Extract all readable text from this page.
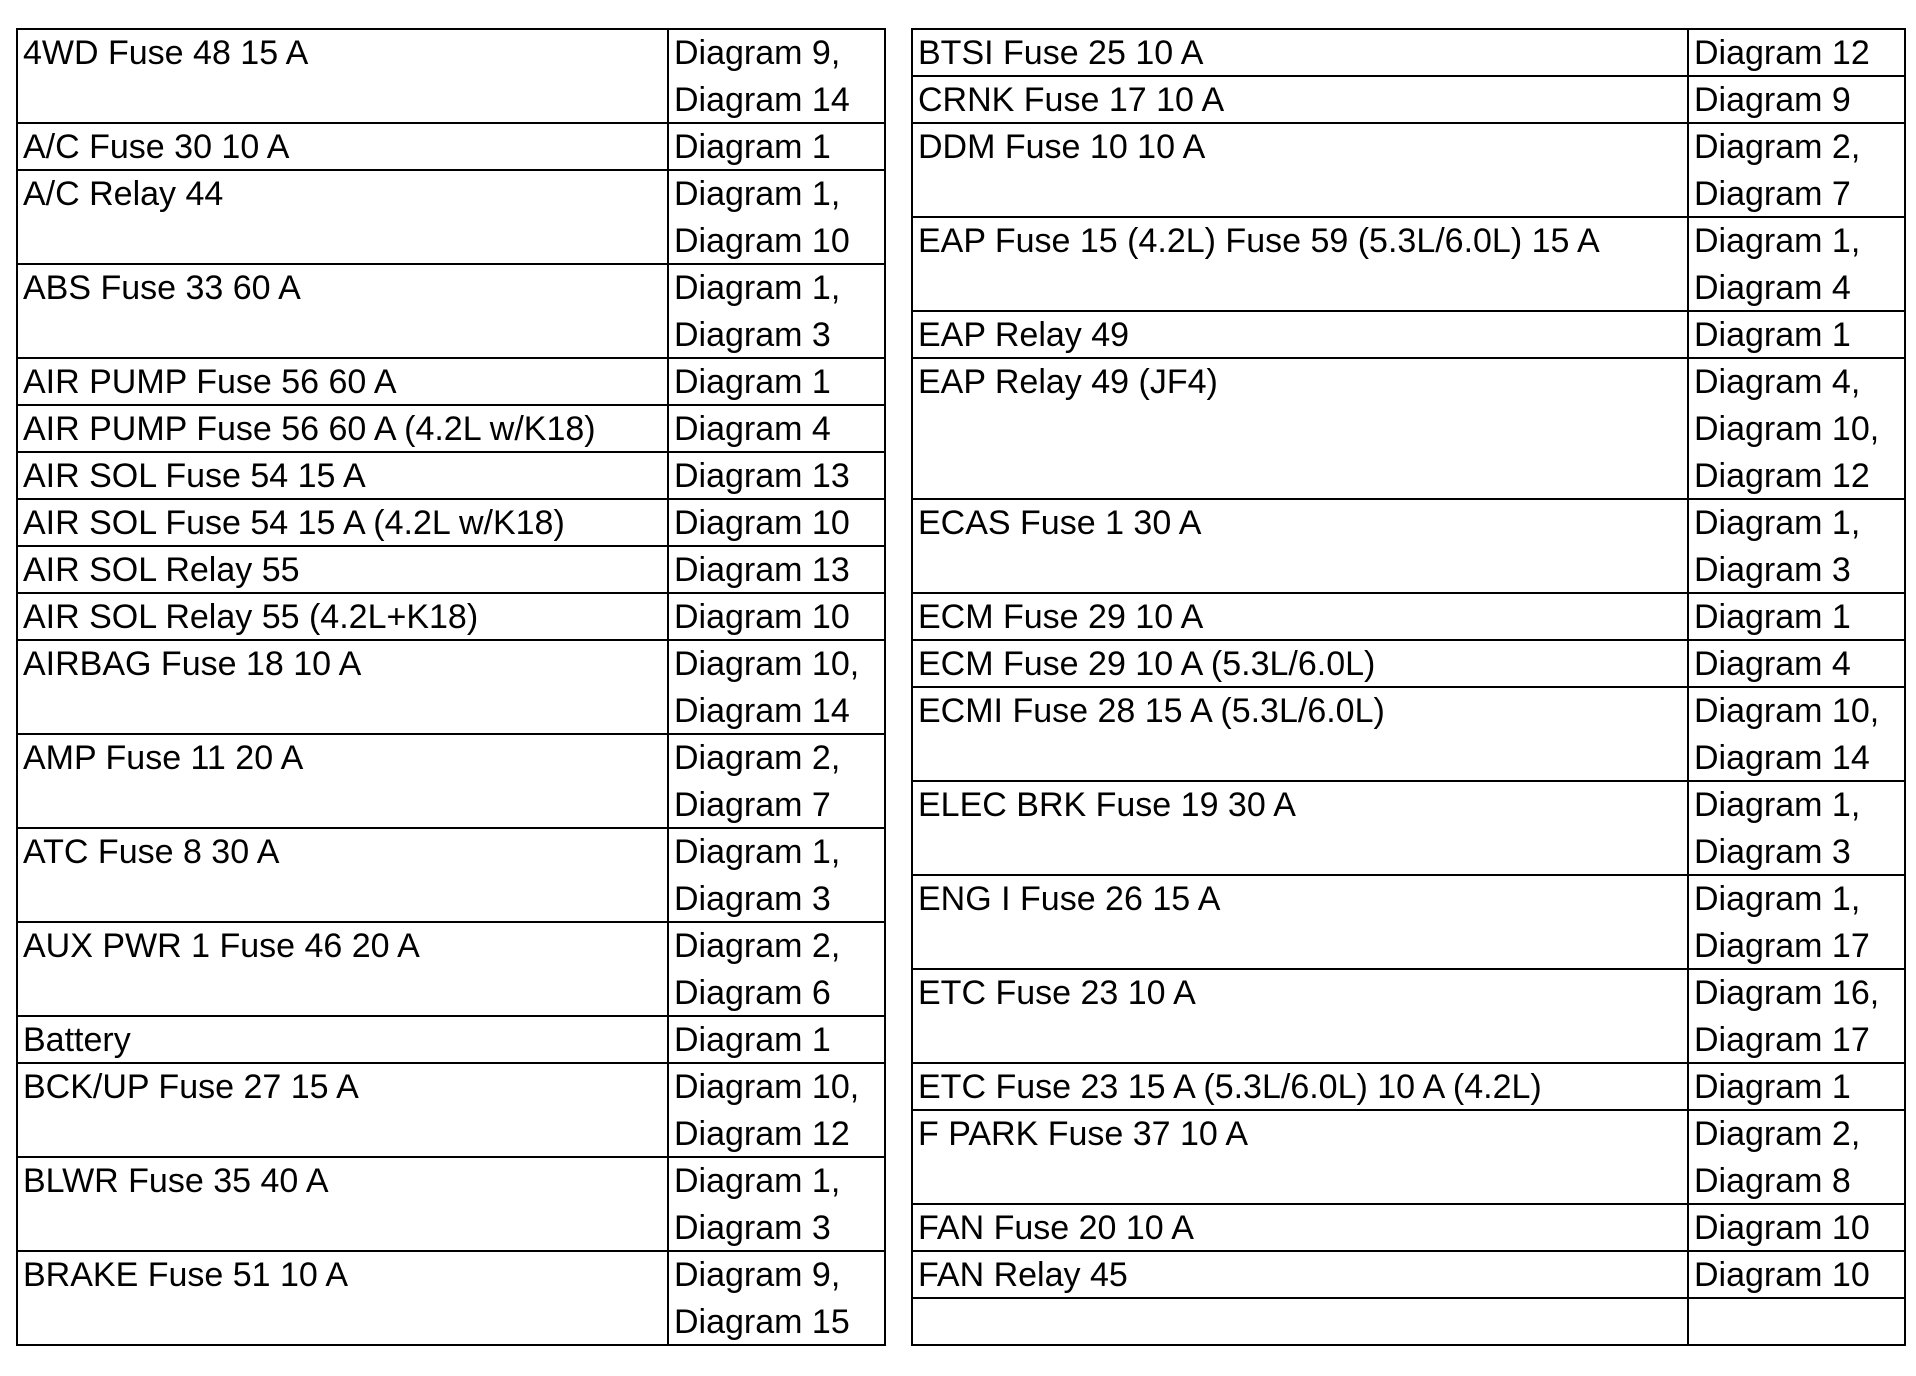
4WD Fuse 48 15 A	Diagram 9,
Diagram 14
A/C Fuse 30 10 A	Diagram 1
A/C Relay 44	Diagram 1,
Diagram 10
ABS Fuse 33 60 A	Diagram 1,
Diagram 3
AIR PUMP Fuse 56 60 A	Diagram 1
AIR PUMP Fuse 56 60 A (4.2L w/K18) Diagram 4
AIR SOL Fuse 54 15 A	Diagram 13
AIR SOL Fuse 54 15 A (4.2L w/K18)	Diagram 10
AIR SOL Relay 55	Diagram 13
AIR SOL Relay 55 (4.2L+K18)	Diagram 10
AIRBAG Fuse 18 10 A	Diagram 10,
Diagram 14
AMP Fuse 11 20 A	Diagram 2,
Diagram 7
ATC Fuse 8 30 A	Diagram 1,
Diagram 3
AUX PWR 1 Fuse 46 20 A	Diagram 2,
Diagram 6
Battery	Diagram 1
BCK/UP Fuse 27 15 A	Diagram 10,
Diagram 12
BLWR Fuse 35 40 A	Diagram 1,
Diagram 3
BRAKE Fuse 51 10 A	Diagram 9,
Diagram 15
BTSI Fuse 25 10 A	Diagram 12
CRNK Fuse 17 10 A	Diagram 9
DDM Fuse 10 10 A	Diagram 2,
Diagram 7
EAP Fuse 15 (4.2L) Fuse 59 (5.3L/6.0L) 15 A	Diagram 1,
Diagram 4
EAP Relay 49	Diagram 1
EAP Relay 49 (JF4)	Diagram 4,
Diagram 10,
Diagram 12
ECAS Fuse 1 30 A	Diagram 1,
Diagram 3
ECM Fuse 29 10 A	Diagram 1
ECM Fuse 29 10 A (5.3L/6.0L)	Diagram 4
ECMI Fuse 28 15 A (5.3L/6.0L)	Diagram 10,
Diagram 14
ELEC BRK Fuse 19 30 A	Diagram 1,
Diagram 3
ENG I Fuse 26 15 A	Diagram 1,
Diagram 17
ETC Fuse 23 10 A	Diagram 16,
Diagram 17
ETC Fuse 23 15 A (5.3L/6.0L) 10 A (4.2L)	Diagram 1
F PARK Fuse 37 10 A	Diagram 2,
Diagram 8
FAN Fuse 20 10 A	Diagram 10
FAN Relay 45	Diagram 10
